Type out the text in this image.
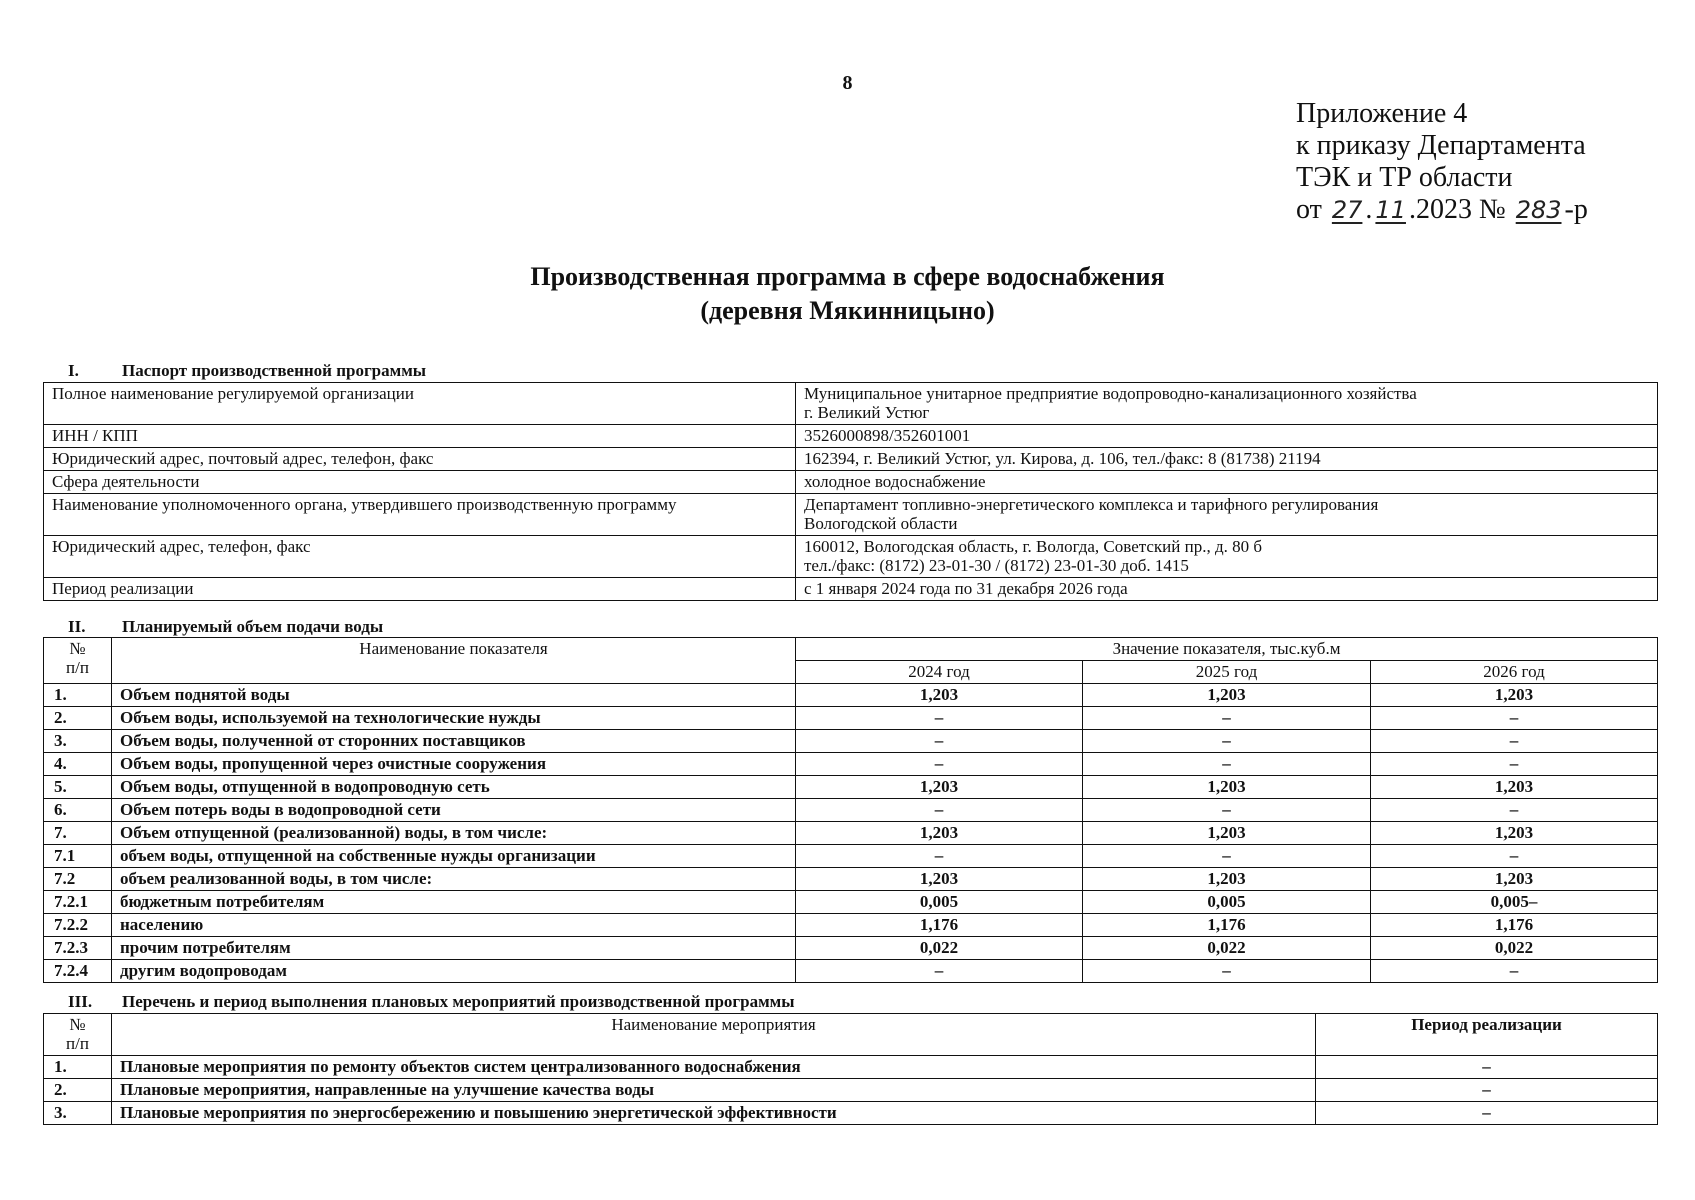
8
Приложение 4
к приказу Департамента
ТЭК и ТР области
от 27 . 11 .2023 № 283 -р
Производственная программа в сфере водоснабжения
(деревня Мякинницыно)
I.	Паспорт производственной программы
Полное наименование регулируемой организации	Муниципальное унитарное предприятие водопроводно-канализационного хозяйства
г. Великий Устюг

ИНН / КПП	3526000898/352601001

Юридический адрес, почтовый адрес, телефон, факс	162394, г. Великий Устюг, ул. Кирова, д. 106, тел./факс: 8 (81738) 21194

Сфера деятельности	холодное водоснабжение

Наименование уполномоченного органа, утвердившего производственную программу	Департамент топливно-энергетического комплекса и тарифного регулирования
Вологодской области

Юридический адрес, телефон, факс	160012, Вологодская область, г. Вологда, Советский пр., д. 80 б
тел./факс: (8172) 23-01-30 / (8172) 23-01-30 доб. 1415

Период реализации	с 1 января 2024 года по 31 декабря 2026 года
II. Планируемый объем подачи воды
№
п/п	Наименование показателя	Значение показателя, тыс.куб.м		
		2024 год	2025 год	2026 год
1.	Объем поднятой воды	1,203	1,203	1,203
2.	Объем воды, используемой на технологические нужды	–	–	–
3.	Объем воды, полученной от сторонних поставщиков	–	–	–
4.	Объем воды, пропущенной через очистные сооружения	–	–	–
5.	Объем воды, отпущенной в водопроводную сеть	1,203	1,203	1,203
6.	Объем потерь воды в водопроводной сети	–	–	–
7.	Объем отпущенной (реализованной) воды, в том числе:	1,203	1,203	1,203
7.1	объем воды, отпущенной на собственные нужды организации	–	–	–
7.2	объем реализованной воды, в том числе:	1,203	1,203	1,203
7.2.1	бюджетным потребителям	0,005	0,005	0,005–
7.2.2	населению	1,176	1,176	1,176
7.2.3	прочим потребителям	0,022	0,022	0,022
7.2.4	другим водопроводам	–	–	–
III. Перечень и период выполнения плановых мероприятий производственной программы
№
п/п	Наименование мероприятия	Период реализации
1.	Плановые мероприятия по ремонту объектов систем централизованного водоснабжения	–
2.	Плановые мероприятия, направленные на улучшение качества воды	–
3.	Плановые мероприятия по энергосбережению и повышению энергетической эффективности	–
